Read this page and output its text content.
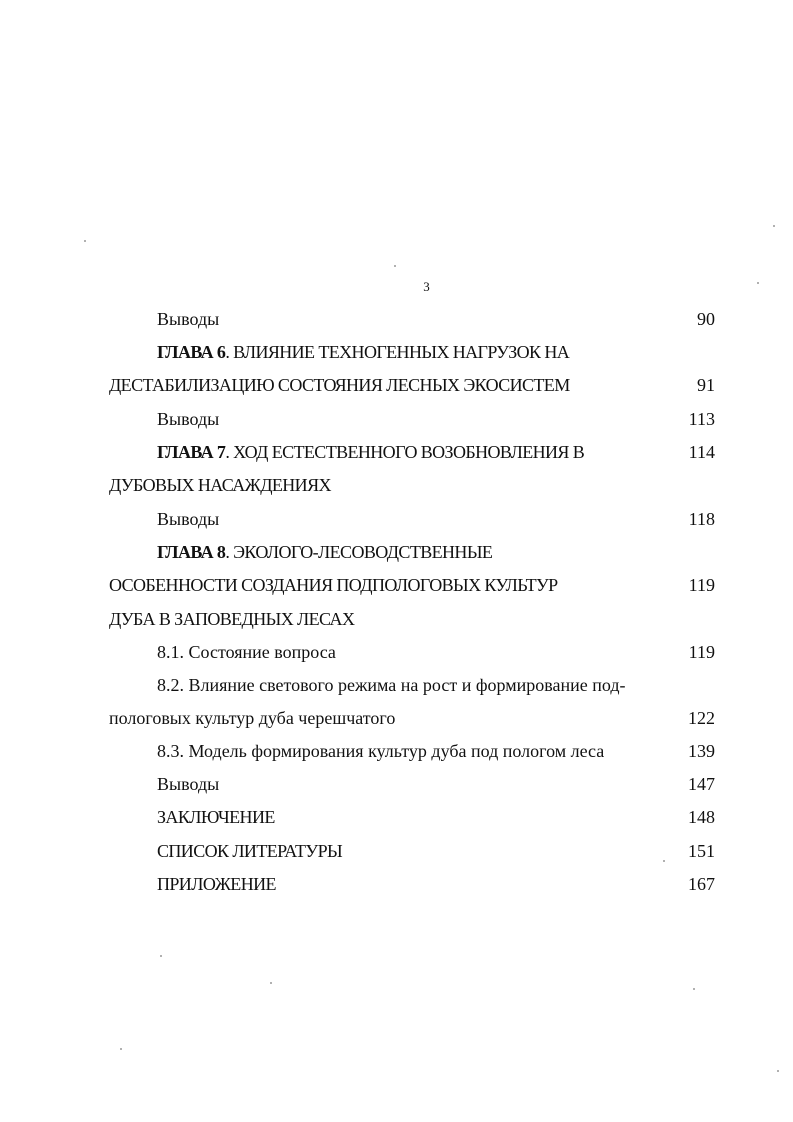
3
Выводы	90
ГЛАВА 6. ВЛИЯНИЕ ТЕХНОГЕННЫХ НАГРУЗОК НА
ДЕСТАБИЛИЗАЦИЮ СОСТОЯНИЯ ЛЕСНЫХ ЭКОСИСТЕМ	91
Выводы	113
ГЛАВА 7. ХОД ЕСТЕСТВЕННОГО ВОЗОБНОВЛЕНИЯ В	114
ДУБОВЫХ НАСАЖДЕНИЯХ
Выводы	118
ГЛАВА 8. ЭКОЛОГО-ЛЕСОВОДСТВЕННЫЕ
ОСОБЕННОСТИ СОЗДАНИЯ ПОДПОЛОГОВЫХ КУЛЬТУР	119
ДУБА В ЗАПОВЕДНЫХ ЛЕСАХ
8.1. Состояние вопроса	119
8.2. Влияние светового режима на рост и формирование под-
пологовых культур дуба черешчатого	122
8.3. Модель формирования культур дуба под пологом леса	139
Выводы	147
ЗАКЛЮЧЕНИЕ	148
СПИСОК ЛИТЕРАТУРЫ	151
ПРИЛОЖЕНИЕ	167
